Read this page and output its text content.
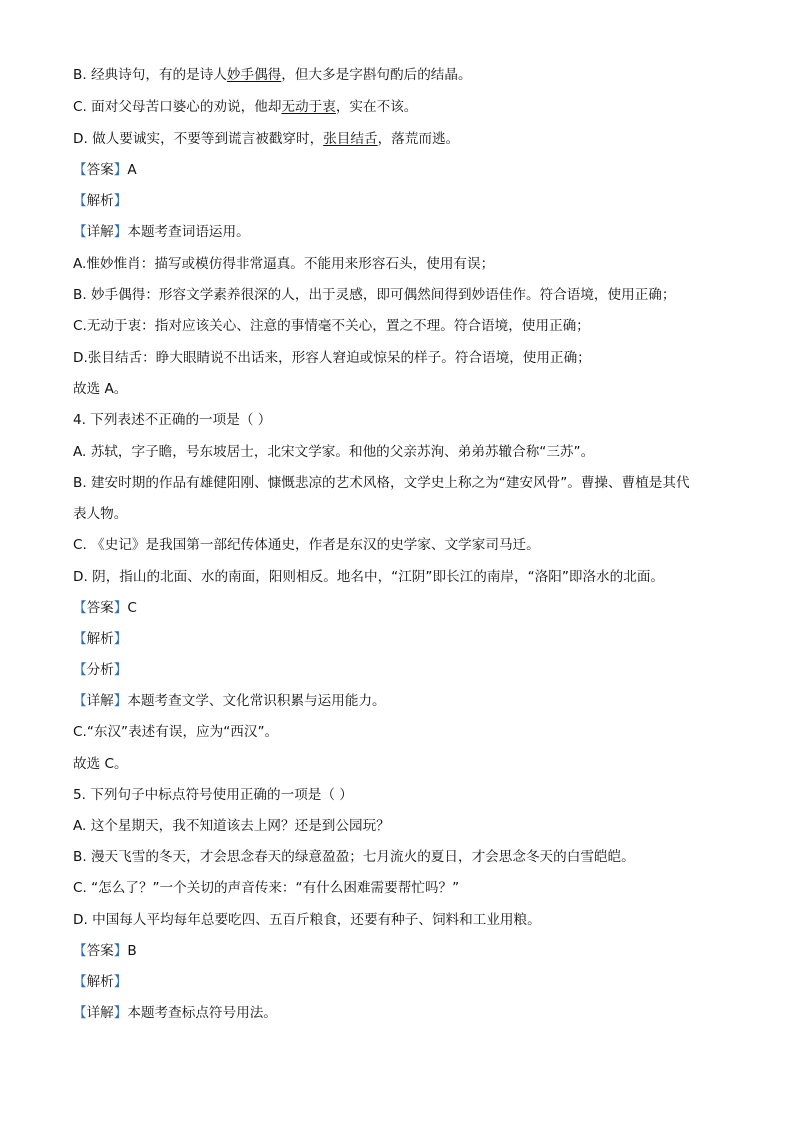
B. 经典诗句，有的是诗人妙手偶得，但大多是字斟句酌后的结晶。
C. 面对父母苦口婆心的劝说，他却无动于衷，实在不该。
D. 做人要诚实，不要等到谎言被戳穿时，张目结舌，落荒而逃。
【答案】A
【解析】
【详解】本题考查词语运用。
A.惟妙惟肖：描写或模仿得非常逼真。不能用来形容石头，使用有误；
B. 妙手偶得：形容文学素养很深的人，出于灵感，即可偶然间得到妙语佳作。符合语境，使用正确；
C.无动于衷：指对应该关心、注意的事情毫不关心，置之不理。符合语境，使用正确；
D.张目结舌：睁大眼睛说不出话来，形容人窘迫或惊呆的样子。符合语境，使用正确；
故选 A。
4. 下列表述不正确的一项是（ ）
A. 苏轼，字子瞻，号东坡居士，北宋文学家。和他的父亲苏洵、弟弟苏辙合称“三苏”。
B. 建安时期的作品有雄健阳刚、慷慨悲凉的艺术风格，文学史上称之为“建安风骨”。曹操、曹植是其代
表人物。
C. 《史记》是我国第一部纪传体通史，作者是东汉的史学家、文学家司马迁。
D. 阴，指山的北面、水的南面，阳则相反。地名中，“江阴”即长江的南岸，“洛阳”即洛水的北面。
【答案】C
【解析】
【分析】
【详解】本题考查文学、文化常识积累与运用能力。
C.“东汉”表述有误，应为“西汉”。
故选 C。
5. 下列句子中标点符号使用正确的一项是（ ）
A. 这个星期天，我不知道该去上网？还是到公园玩？
B. 漫天飞雪的冬天，才会思念春天的绿意盈盈；七月流火的夏日，才会思念冬天的白雪皑皑。
C. “怎么了？”一个关切的声音传来：“有什么困难需要帮忙吗？”
D. 中国每人平均每年总要吃四、五百斤粮食，还要有种子、饲料和工业用粮。
【答案】B
【解析】
【详解】本题考查标点符号用法。
